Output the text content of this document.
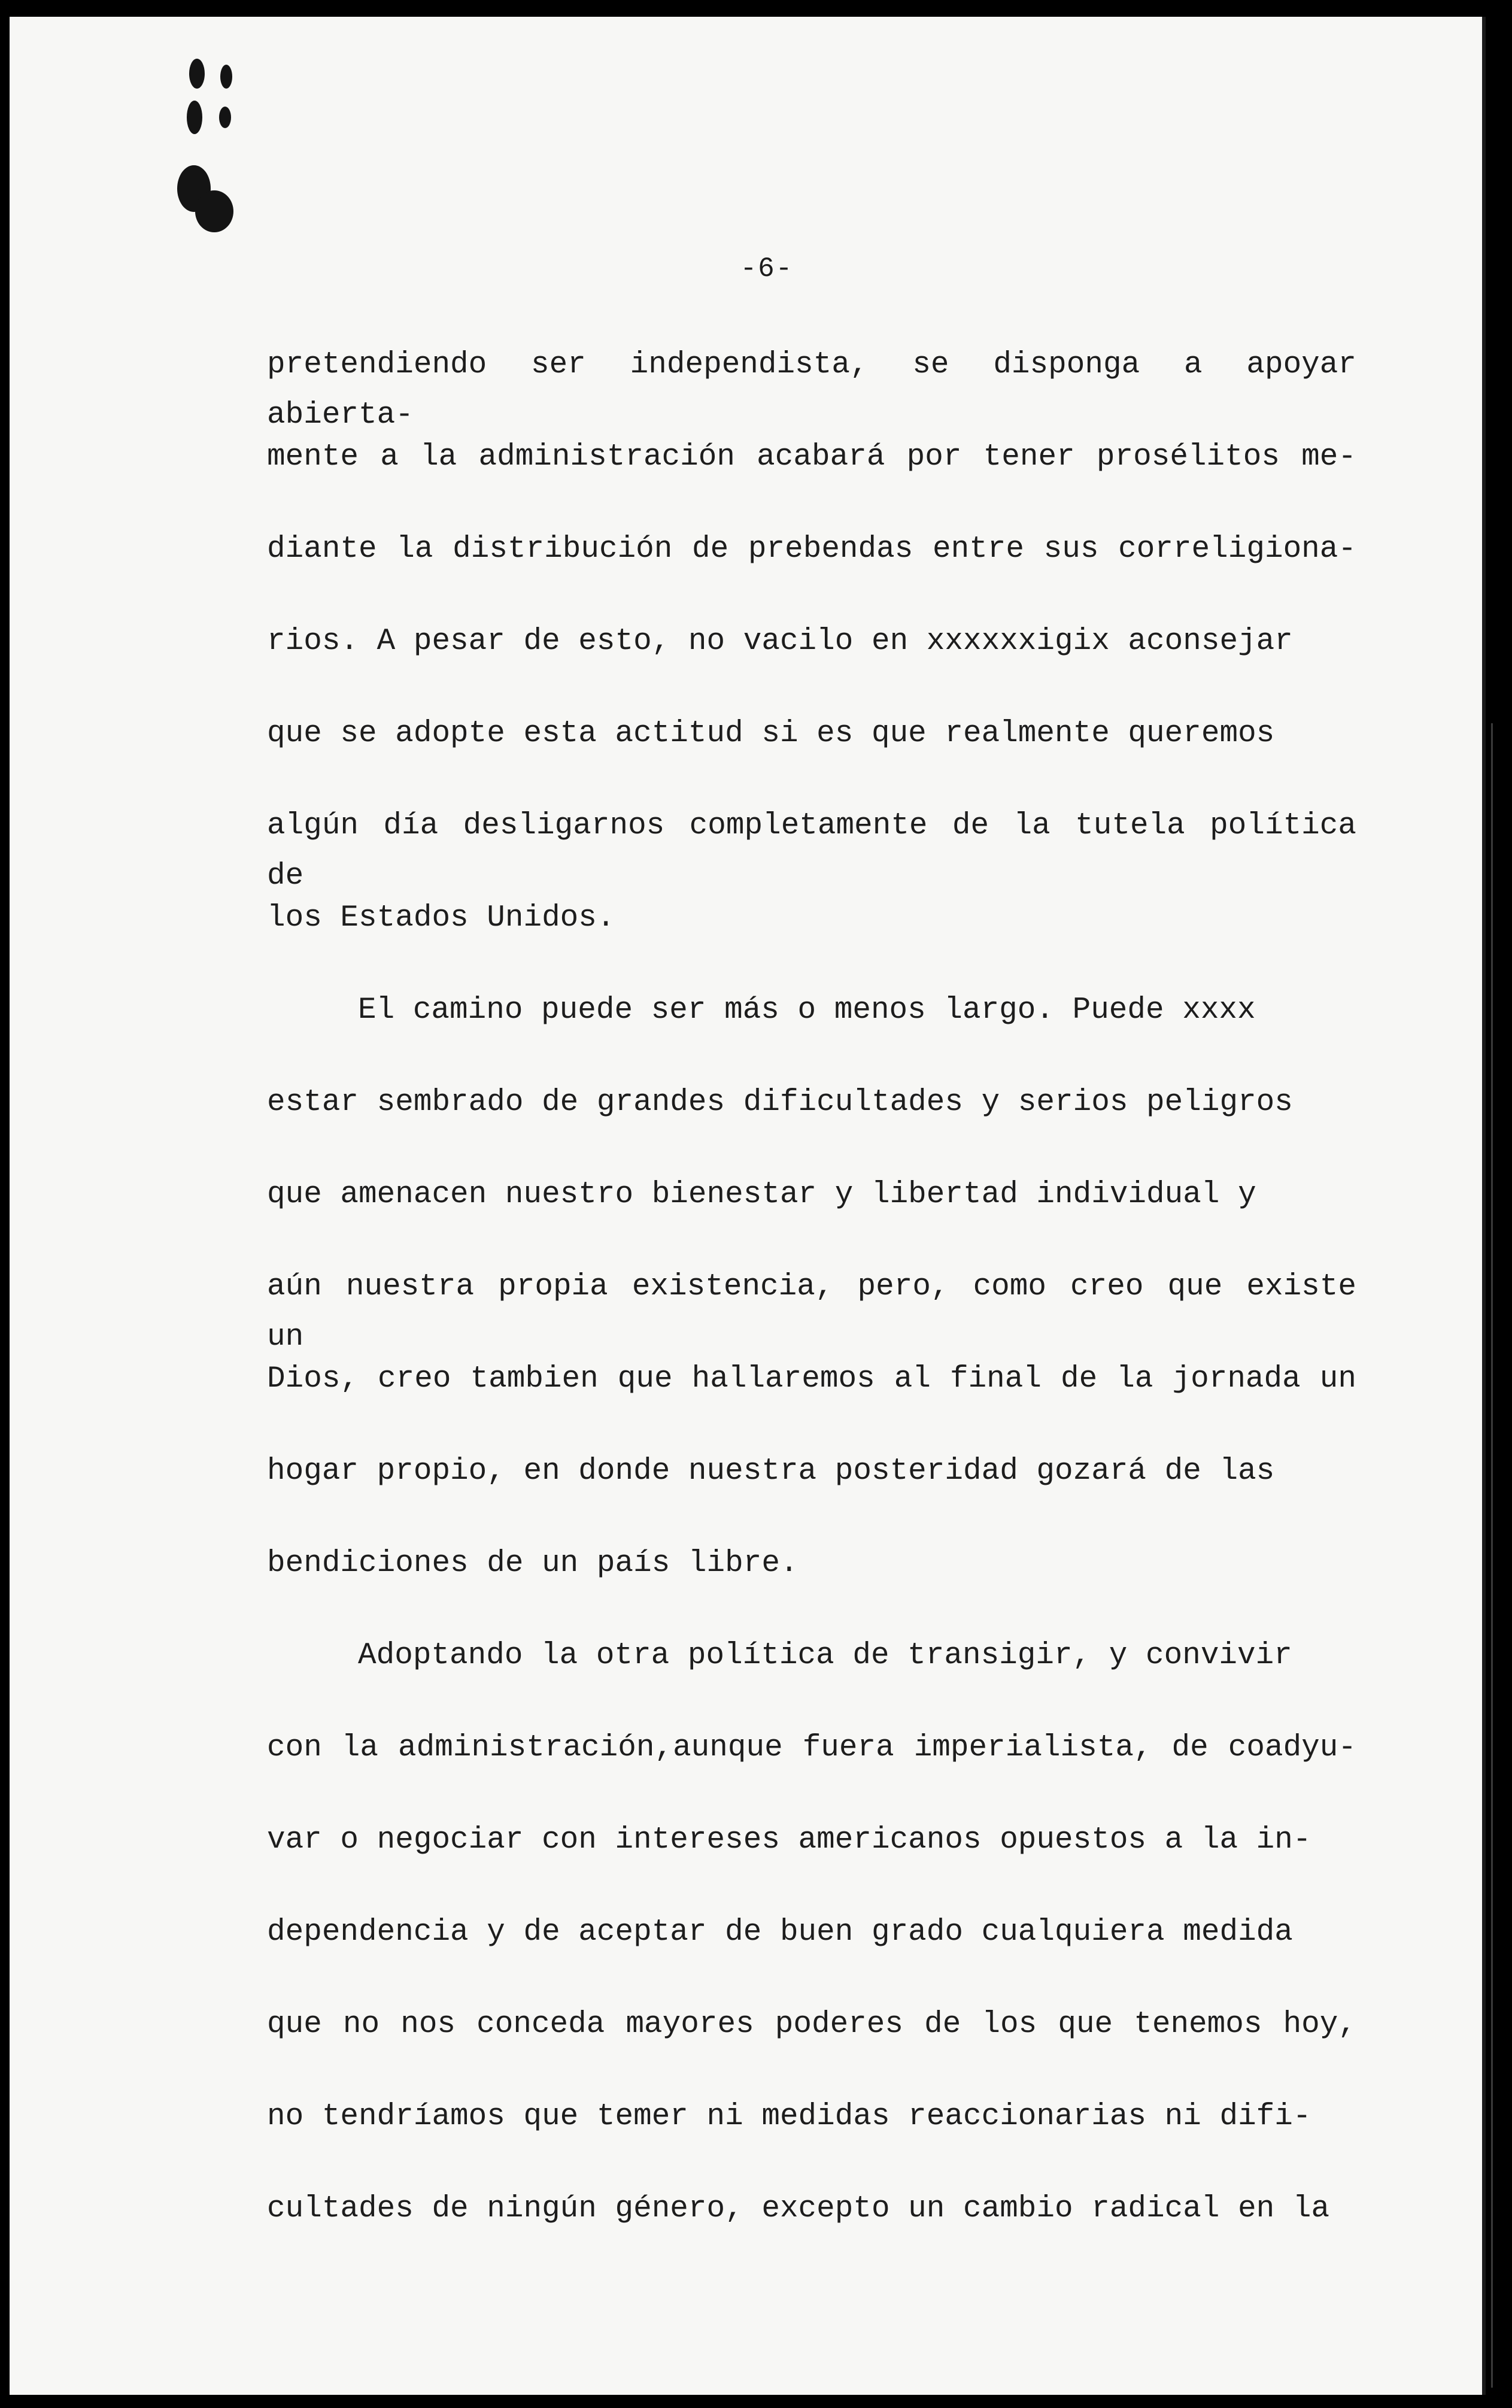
-6-
pretendiendo ser independista, se disponga a apoyar abierta-
mente a la administración acabará por tener prosélitos me-
diante la distribución de prebendas entre sus correligiona-
rios. A pesar de esto, no vacilo en xxxxxxigix aconsejar
que se adopte esta actitud si es que realmente queremos
algún día desligarnos completamente de la tutela política de
los Estados Unidos.
El camino puede ser más o menos largo. Puede xxxx
estar sembrado de grandes dificultades y serios peligros
que amenacen nuestro bienestar y libertad individual y
aún nuestra propia existencia, pero, como creo que existe un
Dios, creo tambien que hallaremos al final de la jornada un
hogar propio, en donde nuestra posteridad gozará de las
bendiciones de un país libre.
Adoptando la otra política de transigir, y convivir
con la administración,aunque fuera imperialista, de coadyu-
var o negociar con intereses americanos opuestos a la in-
dependencia y de aceptar de buen grado cualquiera medida
que no nos conceda mayores poderes de los que tenemos hoy,
no tendríamos que temer ni medidas reaccionarias ni difi-
cultades de ningún género, excepto un cambio radical en la
